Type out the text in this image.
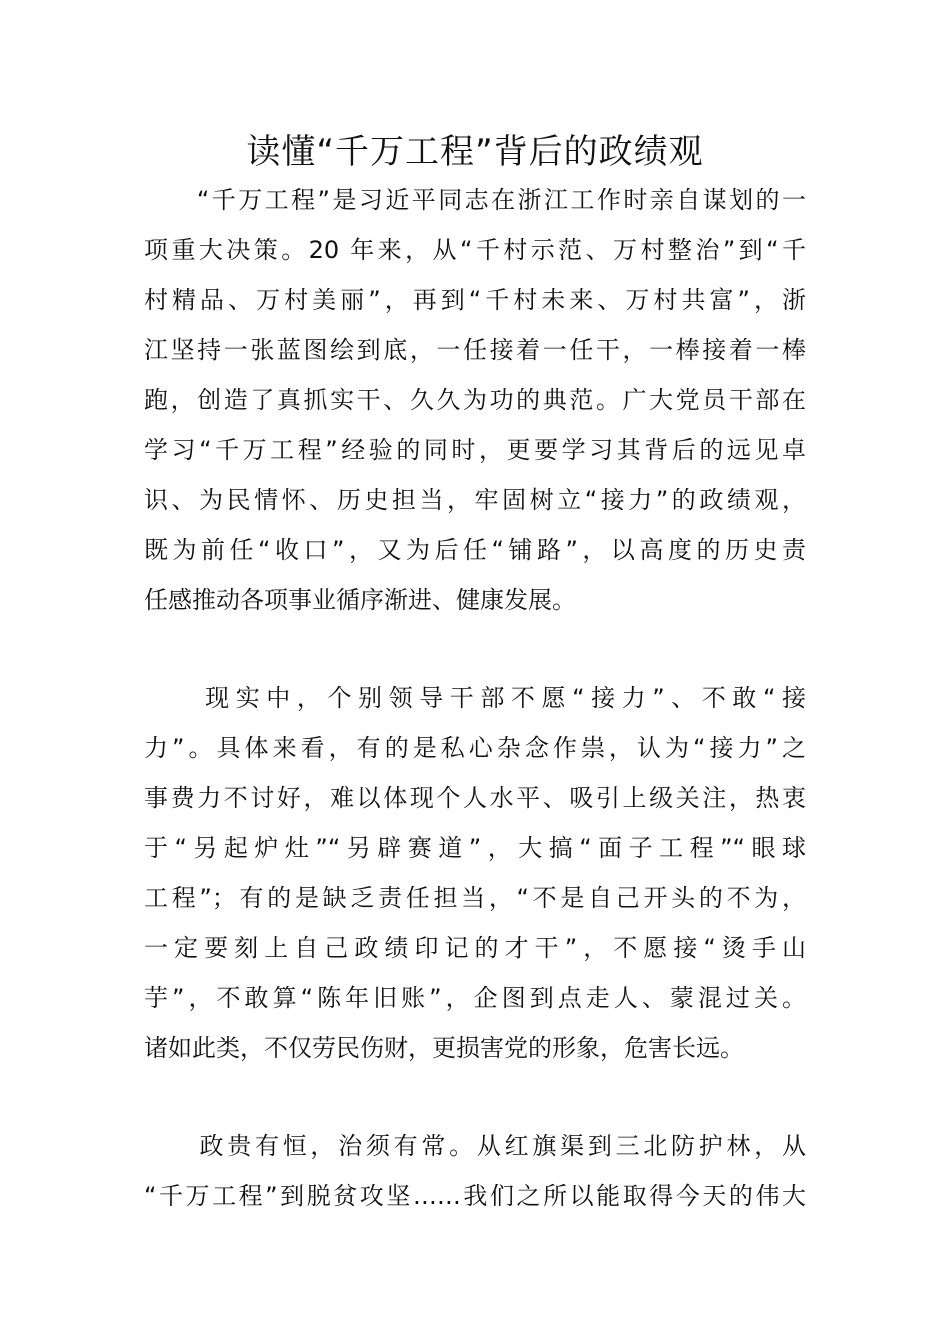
读懂“千万工程”背后的政绩观
　　“千万工程”是习近平同志在浙江工作时亲自谋划的一
项重大决策。20 年来，从“千村示范、万村整治”到“千
村精品、万村美丽”，再到“千村未来、万村共富”，浙
江坚持一张蓝图绘到底，一任接着一任干，一棒接着一棒
跑，创造了真抓实干、久久为功的典范。广大党员干部在
学习“千万工程”经验的同时，更要学习其背后的远见卓
识、为民情怀、历史担当，牢固树立“接力”的政绩观，
既为前任“收口”，又为后任“铺路”，以高度的历史责
任感推动各项事业循序渐进、健康发展。
　　现实中，个别领导干部不愿“接力”、不敢“接
力”。具体来看，有的是私心杂念作祟，认为“接力”之
事费力不讨好，难以体现个人水平、吸引上级关注，热衷
于“另起炉灶”“另辟赛道”，大搞“面子工程”“眼球
工程”；有的是缺乏责任担当，“不是自己开头的不为，
一定要刻上自己政绩印记的才干”，不愿接“烫手山
芋”，不敢算“陈年旧账”，企图到点走人、蒙混过关。
诸如此类，不仅劳民伤财，更损害党的形象，危害长远。
　　政贵有恒，治须有常。从红旗渠到三北防护林，从
“千万工程”到脱贫攻坚……我们之所以能取得今天的伟大
